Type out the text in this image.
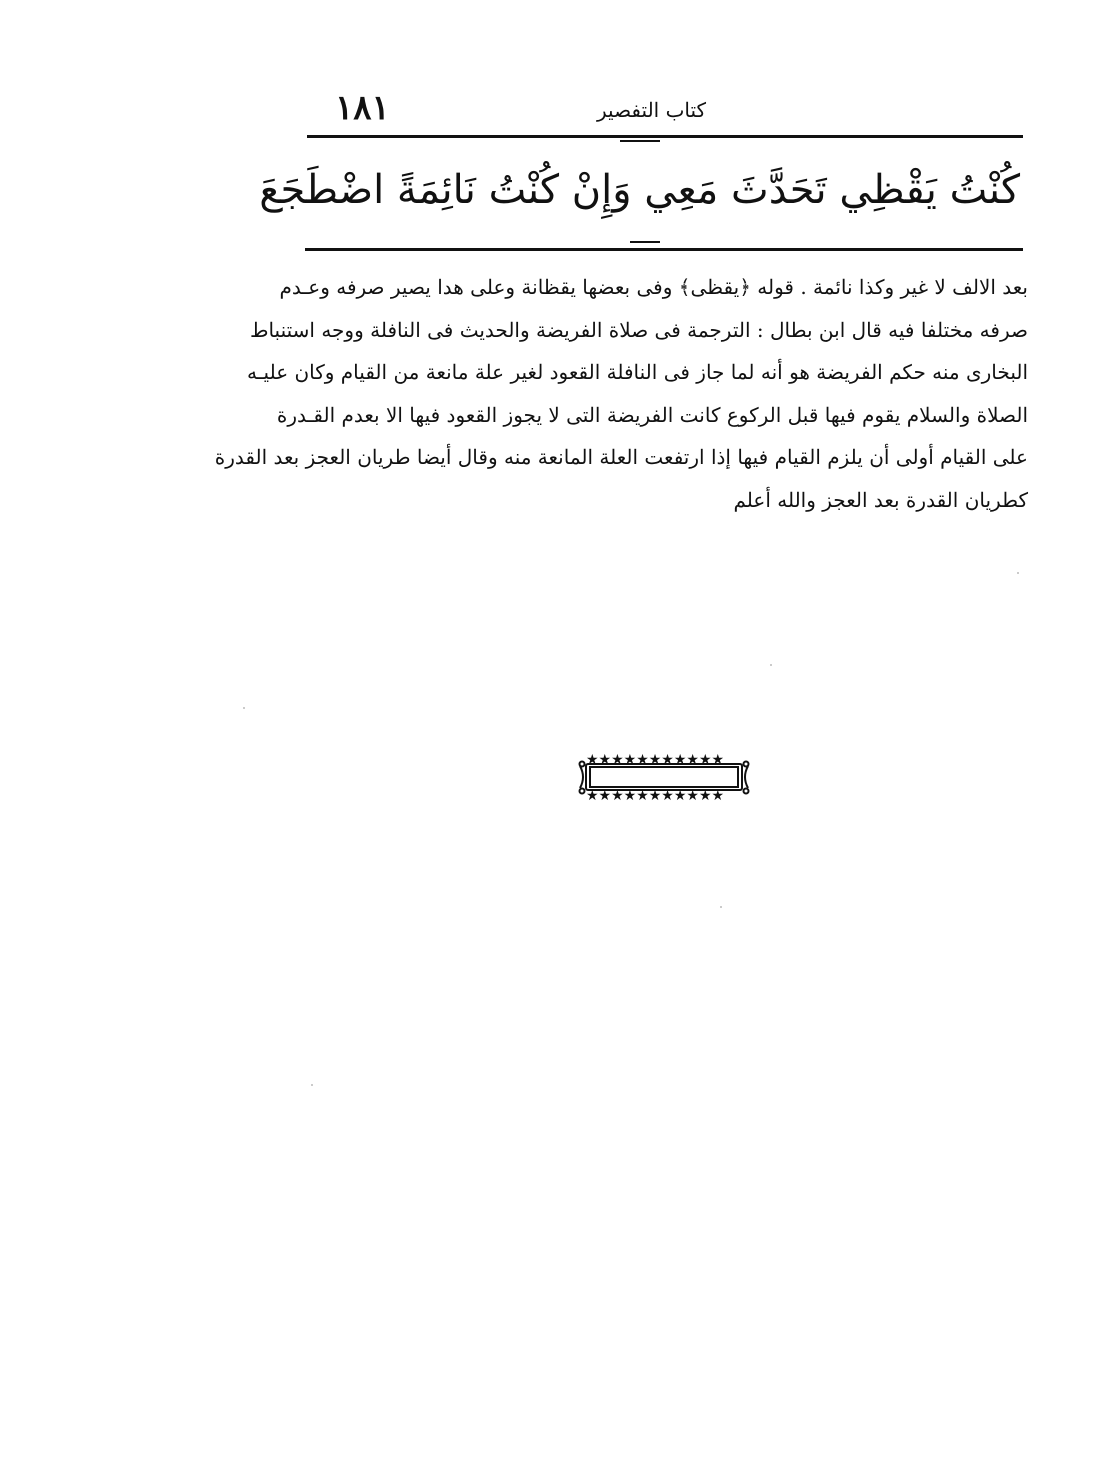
١٨١	كتاب التفصير
كُنْتُ يَقْظِي تَحَدَّثَ مَعِي وَإِنْ كُنْتُ نَائِمَةً اضْطَجَعَ

بعد الالف لا غير وكذا نائمة . قوله ﴿يقظى﴾ وفى بعضها يقظانة وعلى هدا يصير صرفه وعـدم

صرفه مختلفا فيه قال ابن بطال : الترجمة فى صلاة الفريضة والحديث فى النافلة ووجه استنباط

البخارى منه حكم الفريضة هو أنه لما جاز فى النافلة القعود لغير علة مانعة من القيام وكان عليـه

الصلاة والسلام يقوم فيها قبل الركوع كانت الفريضة التى لا يجوز القعود فيها الا بعدم القـدرة

على القيام أولى أن يلزم القيام فيها إذا ارتفعت العلة المانعة منه وقال أيضا طريان العجز بعد القدرة

كطريان القدرة بعد العجز والله أعلم

★★★★★★★★★★★
★★★★★★★★★★★
